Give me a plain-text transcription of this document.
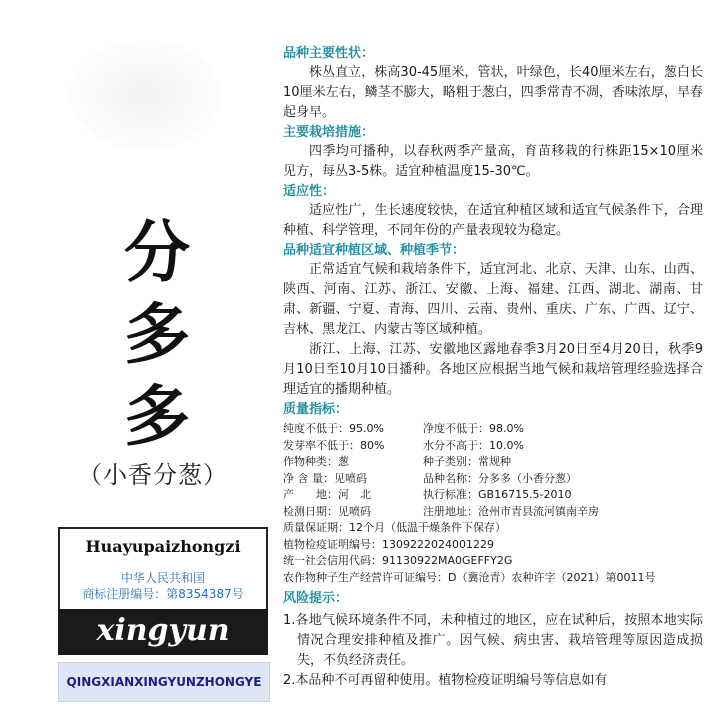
分
多
多
（小香分葱）
Huayupaizhongzi
中华人民共和国
商标注册编号：第8354387号
xingyun
QINGXIANXINGYUNZHONGYE
品种主要性状：
株丛直立，株高30-45厘米，管状，叶绿色，长40厘米左右，葱白长10厘米左右，鳞茎不膨大，略粗于葱白，四季常青不凋，香味浓厚，早春起身早。
主要栽培措施：
四季均可播种，以春秋两季产量高，育苗移栽的行株距15×10厘米见方，每丛3-5株。适宜种植温度15-30℃。
适应性：
适应性广，生长速度较快，在适宜种植区域和适宜气候条件下，合理种植、科学管理，不同年份的产量表现较为稳定。
品种适宜种植区域、种植季节：
正常适宜气候和栽培条件下，适宜河北、北京、天津、山东、山西、陕西、河南、江苏、浙江、安徽、上海、福建、江西、湖北、湖南、甘肃、新疆、宁夏、青海、四川、云南、贵州、重庆、广东、广西、辽宁、吉林、黑龙江、内蒙古等区域种植。
浙江、上海、江苏、安徽地区露地春季3月20日至4月20日，秋季9月10日至10月10日播种。各地区应根据当地气候和栽培管理经验选择合理适宜的播期种植。
质量指标：
纯度不低于：95.0%	净度不低于：98.0%
发芽率不低于：80%	水分不高于：10.0%
作物种类：葱	种子类别：常规种
净 含 量：见喷码	品种名称：分多多（小香分葱）
产　　地：河　北	执行标准：GB16715.5-2010
检测日期：见喷码	注册地址：沧州市青县流河镇南辛房
质量保证期：12个月（低温干燥条件下保存）
植物检疫证明编号：1309222024001229
统一社会信用代码：91130922MA0GEFFY2G
农作物种子生产经营许可证编号：D（冀沧青）农种许字（2021）第0011号
风险提示：
1.各地气候环境条件不同，未种植过的地区，应在试种后，按照本地实际情况合理安排种植及推广。因气候、病虫害、栽培管理等原因造成损失，不负经济责任。
2.本品种不可再留种使用。植物检疫证明编号等信息如有
